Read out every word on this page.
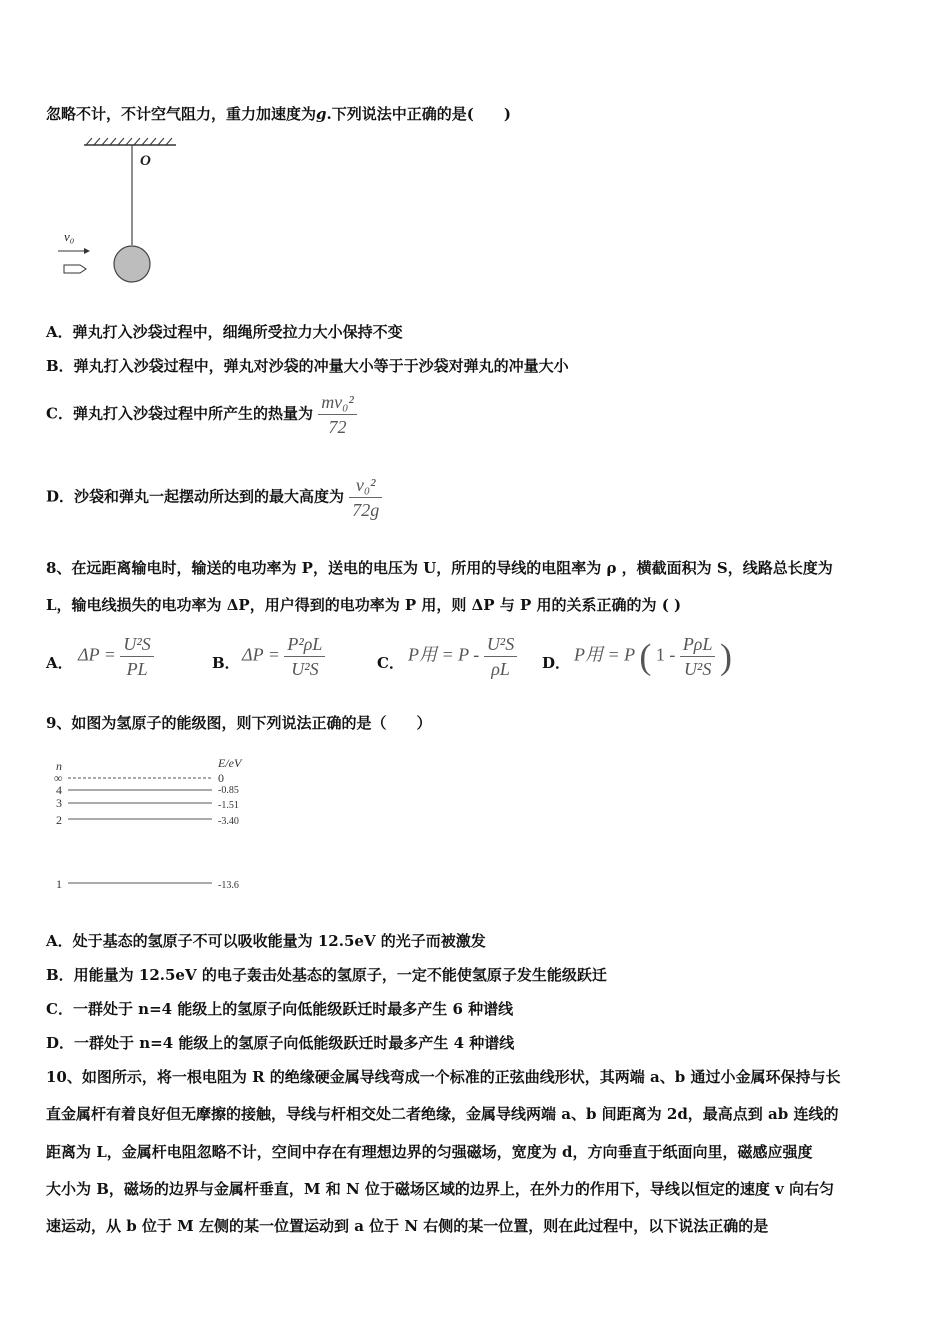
忽略不计，不计空气阻力，重力加速度为g.下列说法中正确的是(　　)
O
v₀
A．弹丸打入沙袋过程中，细绳所受拉力大小保持不变
B．弹丸打入沙袋过程中，弹丸对沙袋的冲量大小等于于沙袋对弹丸的冲量大小
C．弹丸打入沙袋过程中所产生的热量为 $\frac{\text{mv₀²}}{72}$
D．沙袋和弹丸一起摆动所达到的最大高度为 $\frac{\text{v₀²}}{72g}$
8、在远距离输电时，输送的电功率为 P，送电的电压为 U，所用的导线的电阻率为 ρ ，横截面积为 S，线路总长度为
L，输电线损失的电功率为 ΔP，用户得到的电功率为 P 用，则 ΔP 与 P 用的关系正确的为 ( )
A． $\Delta P = \frac{\text{U²S}}{PL}$	B． $\Delta P = \frac{\text{P²ρL}}{\text{U²S}}$	C． P用 = P - $\frac{\text{U²S}}{\rho L}$ D． P用 = P ( $1 - \frac{\text{PρL}}{\text{U²S}}$ )
9、如图为氢原子的能级图，则下列说法正确的是（　　）
n	E/eV
∞	0
4	-0.85
3	-1.51
2	-3.40
1	-13.6
A．处于基态的氢原子不可以吸收能量为 12.5eV 的光子而被激发
B．用能量为 12.5eV 的电子轰击处基态的氢原子，一定不能使氢原子发生能级跃迁
C．一群处于 n=4 能级上的氢原子向低能级跃迁时最多产生 6 种谱线
D．一群处于 n=4 能级上的氢原子向低能级跃迁时最多产生 4 种谱线
10、如图所示，将一根电阻为 R 的绝缘硬金属导线弯成一个标准的正弦曲线形状，其两端 a、b 通过小金属环保持与长
直金属杆有着良好但无摩擦的接触，导线与杆相交处二者绝缘，金属导线两端 a、b 间距离为 2d，最高点到 ab 连线的
距离为 L，金属杆电阻忽略不计，空间中存在有理想边界的匀强磁场，宽度为 d，方向垂直于纸面向里，磁感应强度
大小为 B，磁场的边界与金属杆垂直，M 和 N 位于磁场区域的边界上，在外力的作用下，导线以恒定的速度 v 向右匀
速运动，从 b 位于 M 左侧的某一位置运动到 a 位于 N 右侧的某一位置，则在此过程中，以下说法正确的是
